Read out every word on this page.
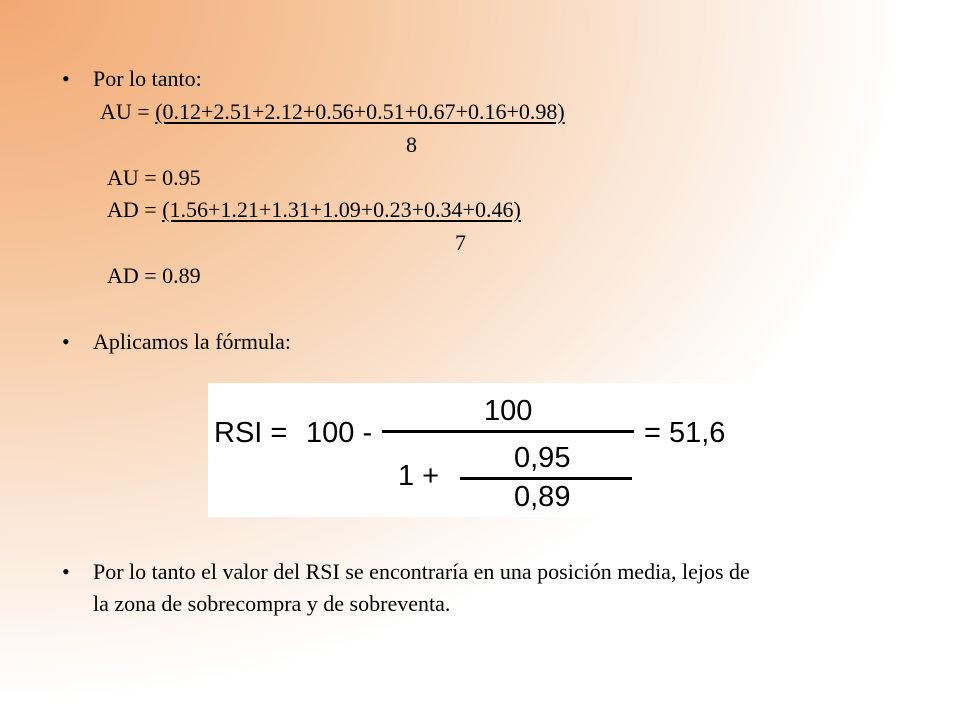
• Por lo tanto:
AU = (0.12+2.51+2.12+0.56+0.51+0.67+0.16+0.98)
8
AU = 0.95
AD = (1.56+1.21+1.31+1.09+0.23+0.34+0.46)
7
AD = 0.89
• Aplicamos la fórmula:
RSI = 100 -
100
= 51,6
1 +
0,95
0,89
• Por lo tanto el valor del RSI se encontraría en una posición media, lejos de
la zona de sobrecompra y de sobreventa.
